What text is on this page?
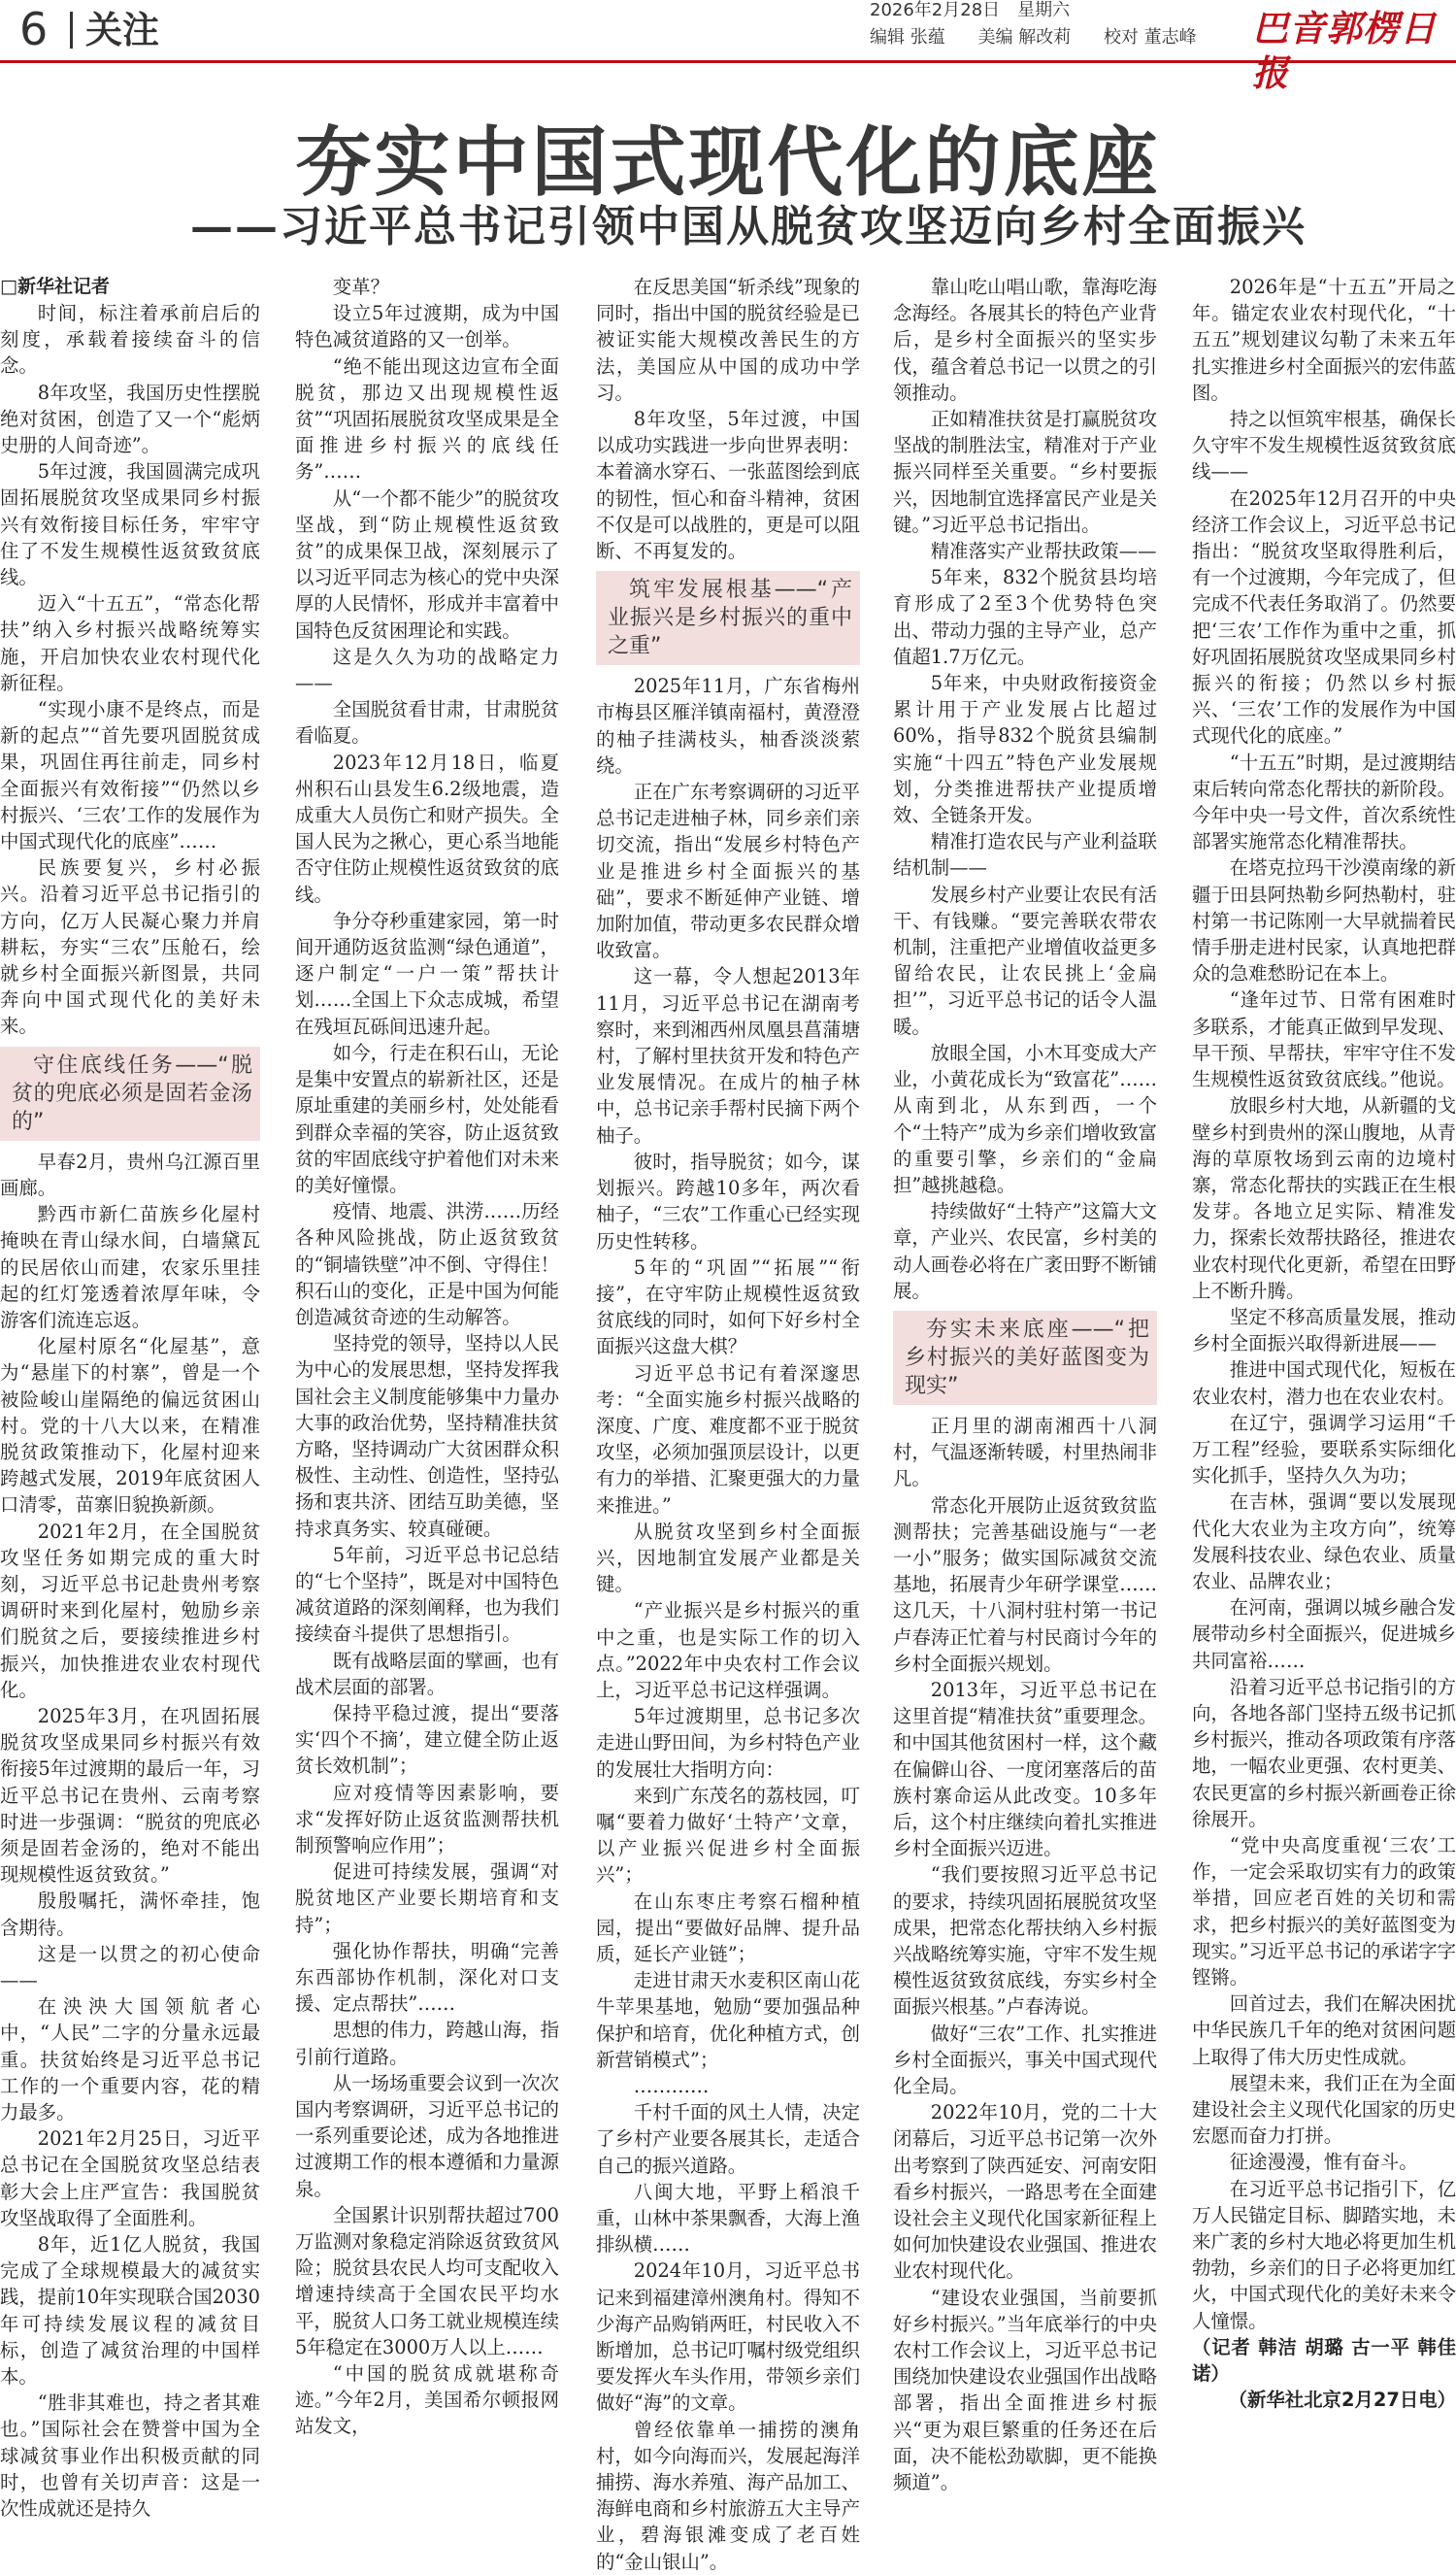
6 关注	2026年2月28日　星期六
编辑 张蕴 美编 解改莉 校对 董志峰	巴音郭楞日报
夯实中国式现代化的底座
——习近平总书记引领中国从脱贫攻坚迈向乡村全面振兴

□新华社记者

时间，标注着承前启后的刻度，承载着接续奋斗的信念。

8年攻坚，我国历史性摆脱绝对贫困，创造了又一个“彪炳史册的人间奇迹”。

5年过渡，我国圆满完成巩固拓展脱贫攻坚成果同乡村振兴有效衔接目标任务，牢牢守住了不发生规模性返贫致贫底线。

迈入“十五五”，“常态化帮扶”纳入乡村振兴战略统筹实施，开启加快农业农村现代化新征程。

“实现小康不是终点，而是新的起点”“首先要巩固脱贫成果，巩固住再往前走，同乡村全面振兴有效衔接”“仍然以乡村振兴、‘三农’工作的发展作为中国式现代化的底座”……

民族要复兴，乡村必振兴。沿着习近平总书记指引的方向，亿万人民凝心聚力并肩耕耘，夯实“三农”压舱石，绘就乡村全面振兴新图景，共同奔向中国式现代化的美好未来。

守住底线任务——“脱贫的兜底必须是固若金汤的”

早春2月，贵州乌江源百里画廊。

黔西市新仁苗族乡化屋村掩映在青山绿水间，白墙黛瓦的民居依山而建，农家乐里挂起的红灯笼透着浓厚年味，令游客们流连忘返。

化屋村原名“化屋基”，意为“悬崖下的村寨”，曾是一个被险峻山崖隔绝的偏远贫困山村。党的十八大以来，在精准脱贫政策推动下，化屋村迎来跨越式发展，2019年底贫困人口清零，苗寨旧貌换新颜。

2021年2月，在全国脱贫攻坚任务如期完成的重大时刻，习近平总书记赴贵州考察调研时来到化屋村，勉励乡亲们脱贫之后，要接续推进乡村振兴，加快推进农业农村现代化。

2025年3月，在巩固拓展脱贫攻坚成果同乡村振兴有效衔接5年过渡期的最后一年，习近平总书记在贵州、云南考察时进一步强调：“脱贫的兜底必须是固若金汤的，绝对不能出现规模性返贫致贫。”

殷殷嘱托，满怀牵挂，饱含期待。

这是一以贯之的初心使命——

在泱泱大国领航者心中，“人民”二字的分量永远最重。扶贫始终是习近平总书记工作的一个重要内容，花的精力最多。

2021年2月25日，习近平总书记在全国脱贫攻坚总结表彰大会上庄严宣告：我国脱贫攻坚战取得了全面胜利。

8年，近1亿人脱贫，我国完成了全球规模最大的减贫实践，提前10年实现联合国2030年可持续发展议程的减贫目标，创造了减贫治理的中国样本。

“胜非其难也，持之者其难也。”国际社会在赞誉中国为全球减贫事业作出积极贡献的同时，也曾有关切声音：这是一次性成就还是持久

变革？

设立5年过渡期，成为中国特色减贫道路的又一创举。

“绝不能出现这边宣布全面脱贫，那边又出现规模性返贫”“巩固拓展脱贫攻坚成果是全面推进乡村振兴的底线任务”……

从“一个都不能少”的脱贫攻坚战，到“防止规模性返贫致贫”的成果保卫战，深刻展示了以习近平同志为核心的党中央深厚的人民情怀，形成并丰富着中国特色反贫困理论和实践。

这是久久为功的战略定力——

全国脱贫看甘肃，甘肃脱贫看临夏。

2023年12月18日，临夏州积石山县发生6.2级地震，造成重大人员伤亡和财产损失。全国人民为之揪心，更心系当地能否守住防止规模性返贫致贫的底线。

争分夺秒重建家园，第一时间开通防返贫监测“绿色通道”，逐户制定“一户一策”帮扶计划……全国上下众志成城，希望在残垣瓦砾间迅速升起。

如今，行走在积石山，无论是集中安置点的崭新社区，还是原址重建的美丽乡村，处处能看到群众幸福的笑容，防止返贫致贫的牢固底线守护着他们对未来的美好憧憬。

疫情、地震、洪涝……历经各种风险挑战，防止返贫致贫的“铜墙铁壁”冲不倒、守得住！积石山的变化，正是中国为何能创造减贫奇迹的生动解答。

坚持党的领导，坚持以人民为中心的发展思想，坚持发挥我国社会主义制度能够集中力量办大事的政治优势，坚持精准扶贫方略，坚持调动广大贫困群众积极性、主动性、创造性，坚持弘扬和衷共济、团结互助美德，坚持求真务实、较真碰硬。

5年前，习近平总书记总结的“七个坚持”，既是对中国特色减贫道路的深刻阐释，也为我们接续奋斗提供了思想指引。

既有战略层面的擘画，也有战术层面的部署。

保持平稳过渡，提出“要落实‘四个不摘’，建立健全防止返贫长效机制”；

应对疫情等因素影响，要求“发挥好防止返贫监测帮扶机制预警响应作用”；

促进可持续发展，强调“对脱贫地区产业要长期培育和支持”；

强化协作帮扶，明确“完善东西部协作机制，深化对口支援、定点帮扶”……

思想的伟力，跨越山海，指引前行道路。

从一场场重要会议到一次次国内考察调研，习近平总书记的一系列重要论述，成为各地推进过渡期工作的根本遵循和力量源泉。

全国累计识别帮扶超过700万监测对象稳定消除返贫致贫风险；脱贫县农民人均可支配收入增速持续高于全国农民平均水平，脱贫人口务工就业规模连续5年稳定在3000万人以上……

“中国的脱贫成就堪称奇迹。”今年2月，美国希尔顿报网站发文，

在反思美国“斩杀线”现象的同时，指出中国的脱贫经验是已被证实能大规模改善民生的方法，美国应从中国的成功中学习。

8年攻坚，5年过渡，中国以成功实践进一步向世界表明：本着滴水穿石、一张蓝图绘到底的韧性，恒心和奋斗精神，贫困不仅是可以战胜的，更是可以阻断、不再复发的。

筑牢发展根基——“产业振兴是乡村振兴的重中之重”

2025年11月，广东省梅州市梅县区雁洋镇南福村，黄澄澄的柚子挂满枝头，柚香淡淡萦绕。

正在广东考察调研的习近平总书记走进柚子林，同乡亲们亲切交流，指出“发展乡村特色产业是推进乡村全面振兴的基础”，要求不断延伸产业链、增加附加值，带动更多农民群众增收致富。

这一幕，令人想起2013年11月，习近平总书记在湖南考察时，来到湘西州凤凰县菖蒲塘村，了解村里扶贫开发和特色产业发展情况。在成片的柚子林中，总书记亲手帮村民摘下两个柚子。

彼时，指导脱贫；如今，谋划振兴。跨越10多年，两次看柚子，“三农”工作重心已经实现历史性转移。

5年的“巩固”“拓展”“衔接”，在守牢防止规模性返贫致贫底线的同时，如何下好乡村全面振兴这盘大棋？

习近平总书记有着深邃思考：“全面实施乡村振兴战略的深度、广度、难度都不亚于脱贫攻坚，必须加强顶层设计，以更有力的举措、汇聚更强大的力量来推进。”

从脱贫攻坚到乡村全面振兴，因地制宜发展产业都是关键。

“产业振兴是乡村振兴的重中之重，也是实际工作的切入点。”2022年中央农村工作会议上，习近平总书记这样强调。

5年过渡期里，总书记多次走进山野田间，为乡村特色产业的发展壮大指明方向：

来到广东茂名的荔枝园，叮嘱“要着力做好‘土特产’文章，以产业振兴促进乡村全面振兴”；

在山东枣庄考察石榴种植园，提出“要做好品牌、提升品质，延长产业链”；

走进甘肃天水麦积区南山花牛苹果基地，勉励“要加强品种保护和培育，优化种植方式，创新营销模式”；

…………

千村千面的风土人情，决定了乡村产业要各展其长，走适合自己的振兴道路。

八闽大地，平野上稻浪千重，山林中茶果飘香，大海上渔排纵横……

2024年10月，习近平总书记来到福建漳州澳角村。得知不少海产品购销两旺，村民收入不断增加，总书记叮嘱村级党组织要发挥火车头作用，带领乡亲们做好“海”的文章。

曾经依靠单一捕捞的澳角村，如今向海而兴，发展起海洋捕捞、海水养殖、海产品加工、海鲜电商和乡村旅游五大主导产业，碧海银滩变成了老百姓的“金山银山”。

靠山吃山唱山歌，靠海吃海念海经。各展其长的特色产业背后，是乡村全面振兴的坚实步伐，蕴含着总书记一以贯之的引领推动。

正如精准扶贫是打赢脱贫攻坚战的制胜法宝，精准对于产业振兴同样至关重要。“乡村要振兴，因地制宜选择富民产业是关键。”习近平总书记指出。

精准落实产业帮扶政策——

5年来，832个脱贫县均培育形成了2至3个优势特色突出、带动力强的主导产业，总产值超1.7万亿元。

5年来，中央财政衔接资金累计用于产业发展占比超过60%，指导832个脱贫县编制实施“十四五”特色产业发展规划，分类推进帮扶产业提质增效、全链条开发。

精准打造农民与产业利益联结机制——

发展乡村产业要让农民有活干、有钱赚。“要完善联农带农机制，注重把产业增值收益更多留给农民，让农民挑上‘金扁担’”，习近平总书记的话令人温暖。

放眼全国，小木耳变成大产业，小黄花成长为“致富花”……从南到北，从东到西，一个个“土特产”成为乡亲们增收致富的重要引擎，乡亲们的“金扁担”越挑越稳。

持续做好“土特产”这篇大文章，产业兴、农民富，乡村美的动人画卷必将在广袤田野不断铺展。

夯实未来底座——“把乡村振兴的美好蓝图变为现实”

正月里的湖南湘西十八洞村，气温逐渐转暖，村里热闹非凡。

常态化开展防止返贫致贫监测帮扶；完善基础设施与“一老一小”服务；做实国际减贫交流基地，拓展青少年研学课堂……这几天，十八洞村驻村第一书记卢春涛正忙着与村民商讨今年的乡村全面振兴规划。

2013年，习近平总书记在这里首提“精准扶贫”重要理念。和中国其他贫困村一样，这个藏在偏僻山谷、一度闭塞落后的苗族村寨命运从此改变。10多年后，这个村庄继续向着扎实推进乡村全面振兴迈进。

“我们要按照习近平总书记的要求，持续巩固拓展脱贫攻坚成果，把常态化帮扶纳入乡村振兴战略统筹实施，守牢不发生规模性返贫致贫底线，夯实乡村全面振兴根基。”卢春涛说。

做好“三农”工作、扎实推进乡村全面振兴，事关中国式现代化全局。

2022年10月，党的二十大闭幕后，习近平总书记第一次外出考察到了陕西延安、河南安阳看乡村振兴，一路思考在全面建设社会主义现代化国家新征程上如何加快建设农业强国、推进农业农村现代化。

“建设农业强国，当前要抓好乡村振兴。”当年底举行的中央农村工作会议上，习近平总书记围绕加快建设农业强国作出战略部署，指出全面推进乡村振兴“更为艰巨繁重的任务还在后面，决不能松劲歇脚，更不能换频道”。

2026年是“十五五”开局之年。锚定农业农村现代化，“十五五”规划建议勾勒了未来五年扎实推进乡村全面振兴的宏伟蓝图。

持之以恒筑牢根基，确保长久守牢不发生规模性返贫致贫底线——

在2025年12月召开的中央经济工作会议上，习近平总书记指出：“脱贫攻坚取得胜利后，有一个过渡期，今年完成了，但完成不代表任务取消了。仍然要把‘三农’工作作为重中之重，抓好巩固拓展脱贫攻坚成果同乡村振兴的衔接；仍然以乡村振兴、‘三农’工作的发展作为中国式现代化的底座。”

“十五五”时期，是过渡期结束后转向常态化帮扶的新阶段。今年中央一号文件，首次系统性部署实施常态化精准帮扶。

在塔克拉玛干沙漠南缘的新疆于田县阿热勒乡阿热勒村，驻村第一书记陈刚一大早就揣着民情手册走进村民家，认真地把群众的急难愁盼记在本上。

“逢年过节、日常有困难时多联系，才能真正做到早发现、早干预、早帮扶，牢牢守住不发生规模性返贫致贫底线。”他说。

放眼乡村大地，从新疆的戈壁乡村到贵州的深山腹地，从青海的草原牧场到云南的边境村寨，常态化帮扶的实践正在生根发芽。各地立足实际、精准发力，探索长效帮扶路径，推进农业农村现代化更新，希望在田野上不断升腾。

坚定不移高质量发展，推动乡村全面振兴取得新进展——

推进中国式现代化，短板在农业农村，潜力也在农业农村。

在辽宁，强调学习运用“千万工程”经验，要联系实际细化实化抓手，坚持久久为功；

在吉林，强调“要以发展现代化大农业为主攻方向”，统筹发展科技农业、绿色农业、质量农业、品牌农业；

在河南，强调以城乡融合发展带动乡村全面振兴，促进城乡共同富裕……

沿着习近平总书记指引的方向，各地各部门坚持五级书记抓乡村振兴，推动各项政策有序落地，一幅农业更强、农村更美、农民更富的乡村振兴新画卷正徐徐展开。

“党中央高度重视‘三农’工作，一定会采取切实有力的政策举措，回应老百姓的关切和需求，把乡村振兴的美好蓝图变为现实。”习近平总书记的承诺字字铿锵。

回首过去，我们在解决困扰中华民族几千年的绝对贫困问题上取得了伟大历史性成就。

展望未来，我们正在为全面建设社会主义现代化国家的历史宏愿而奋力打拼。

征途漫漫，惟有奋斗。

在习近平总书记指引下，亿万人民锚定目标、脚踏实地，未来广袤的乡村大地必将更加生机勃勃，乡亲们的日子必将更加红火，中国式现代化的美好未来令人憧憬。

（记者 韩洁 胡璐 古一平 韩佳诺）

（新华社北京2月27日电）
